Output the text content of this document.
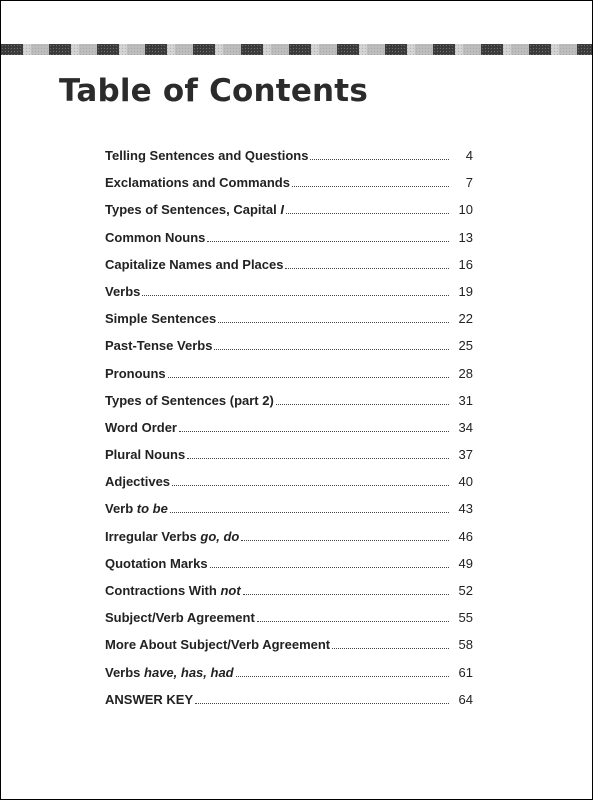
Table of Contents
Telling Sentences and Questions	4
Exclamations and Commands	7
Types of Sentences, Capital I	10
Common Nouns	13
Capitalize Names and Places	16
Verbs	19
Simple Sentences	22
Past-Tense Verbs	25
Pronouns	28
Types of Sentences (part 2)	31
Word Order	34
Plural Nouns	37
Adjectives	40
Verb to be	43
Irregular Verbs go, do	46
Quotation Marks	49
Contractions With not	52
Subject/Verb Agreement	55
More About Subject/Verb Agreement	58
Verbs have, has, had	61
ANSWER KEY	64
